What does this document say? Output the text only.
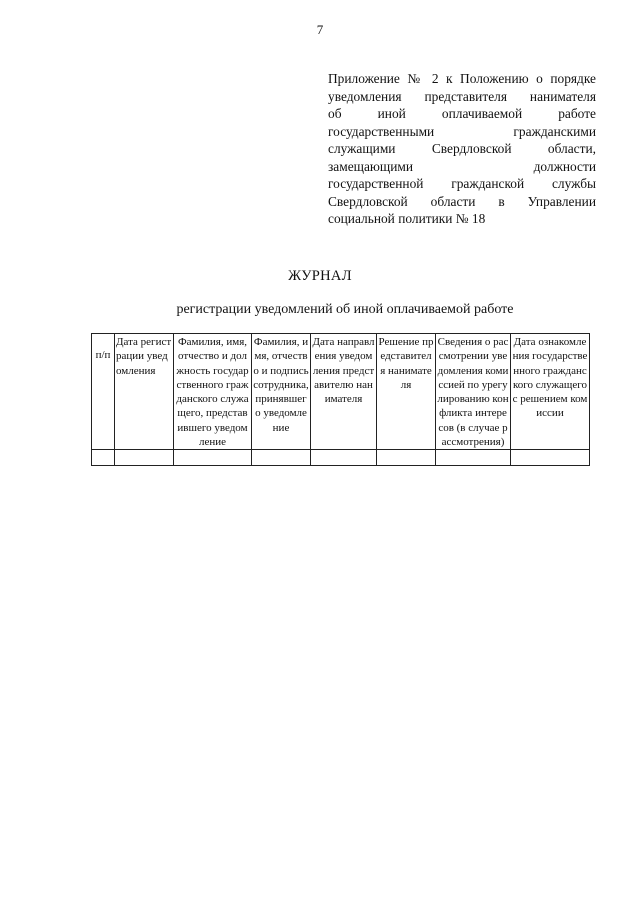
7
Приложение № 2 к Положению о порядке
уведомления представителя нанимателя
об иной оплачиваемой работе
государственными гражданскими
служащими Свердловской области,
замещающими должности
государственной гражданской службы
Свердловской области в Управлении
социальной политики № 18
ЖУРНАЛ
регистрации уведомлений об иной оплачиваемой работе
п/п	Дата регистрации уведомления	Фамилия, имя, отчество и должность государственного гражданского служащего, представившего уведомление	Фамилия, имя, отчество и подпись сотрудника, принявшего уведомление	Дата направления уведомления представителю нанимателя	Решение представителя нанимателя	Сведения о рассмотрении уведомления комиссией по урегулированию конфликта интересов (в случае рассмотрения)	Дата ознакомления государственного гражданского служащего с решением комиссии
